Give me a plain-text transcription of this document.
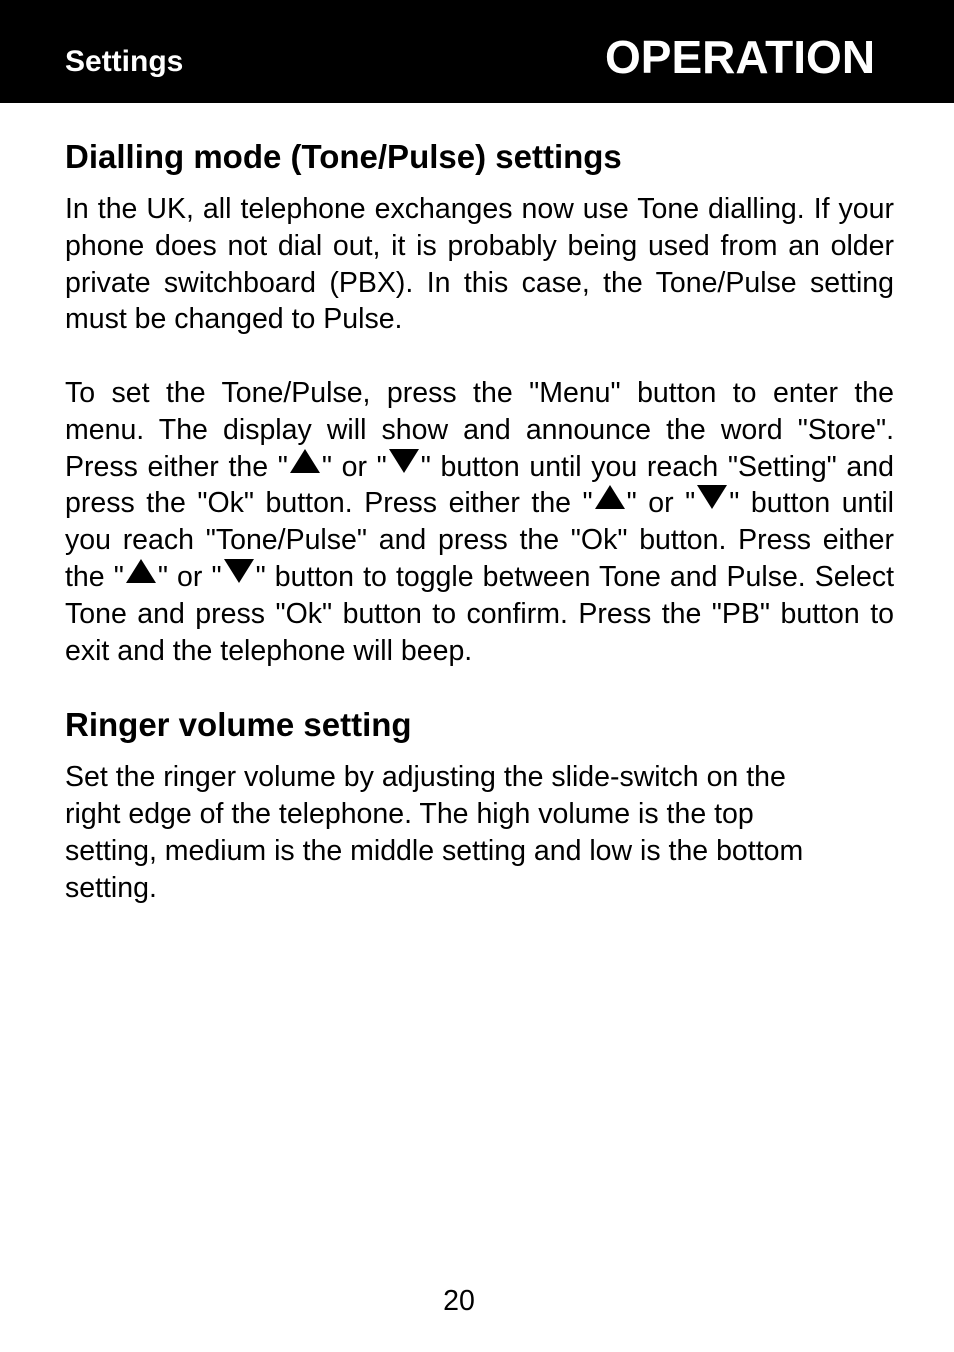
Settings	OPERATION
Dialling mode (Tone/Pulse) settings

In the UK, all telephone exchanges now use Tone dialling. If your phone does not dial out, it is probably being used from an older private switchboard (PBX). In this case, the Tone/Pulse setting must be changed to Pulse.

To set the Tone/Pulse, press the "Menu" button to enter the menu. The display will show and announce the word "Store". Press either the " " or " " button until you reach "Setting" and press the "Ok" button. Press either the " " or " " button until you reach "Tone/Pulse" and press the "Ok" button. Press either the " " or " " button to toggle between Tone and Pulse. Select Tone and press "Ok" button to confirm. Press the "PB" button to exit and the telephone will beep.

Ringer volume setting

Set the ringer volume by adjusting the slide-switch on the
right edge of the telephone. The high volume is the top
setting, medium is the middle setting and low is the bottom
setting.

20
